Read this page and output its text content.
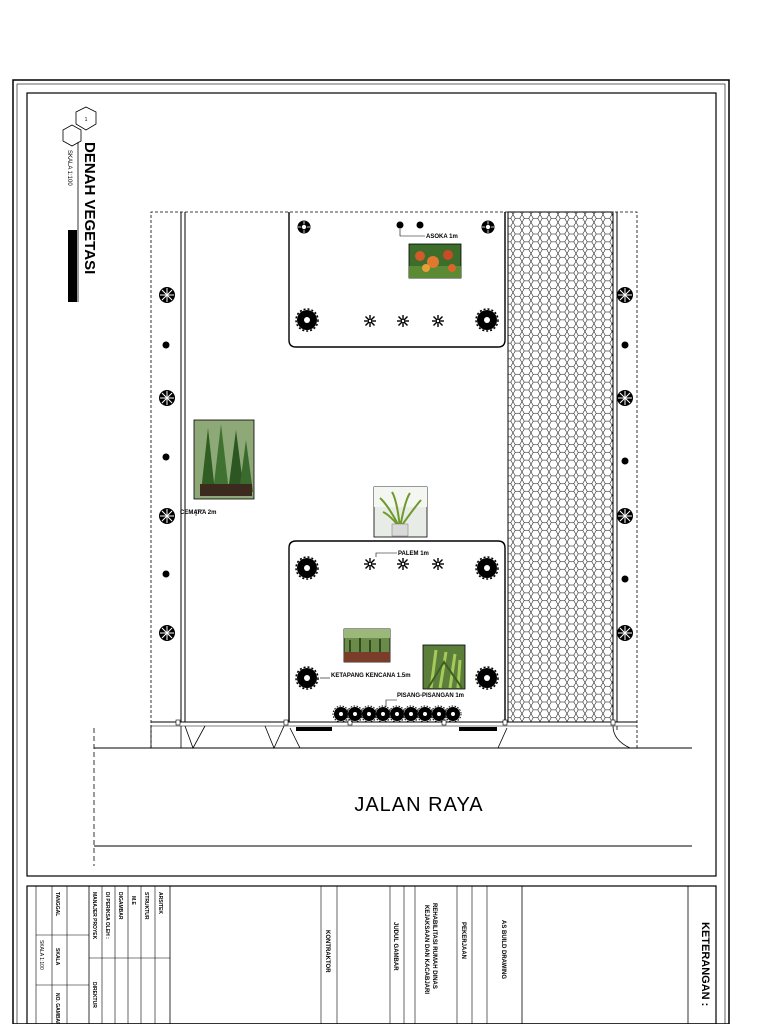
1
DENAH VEGETASI
SKALA 1:100
JALAN RAYA
ASOKA 1m
CEMARA 2m
PALEM 1m
KETAPANG KENCANA 1.5m
PISANG-PISANGAN 1m
KETERANGAN :
AS BUILD DRAWING
PEKERJAAN
REHABILITASI RUMAH DINAS
KEJAKSAAN DAN KACABJARI
JUDUL GAMBAR
KONTRAKTOR
ARSITEK
STRUKTUR
M.E
DIGAMBAR
DI PERIKSA OLEH :
DIREKTUR
MANAJER PROYEK
TANGGAL
SKALA
SKALA 1:100
NO. GAMBAR
